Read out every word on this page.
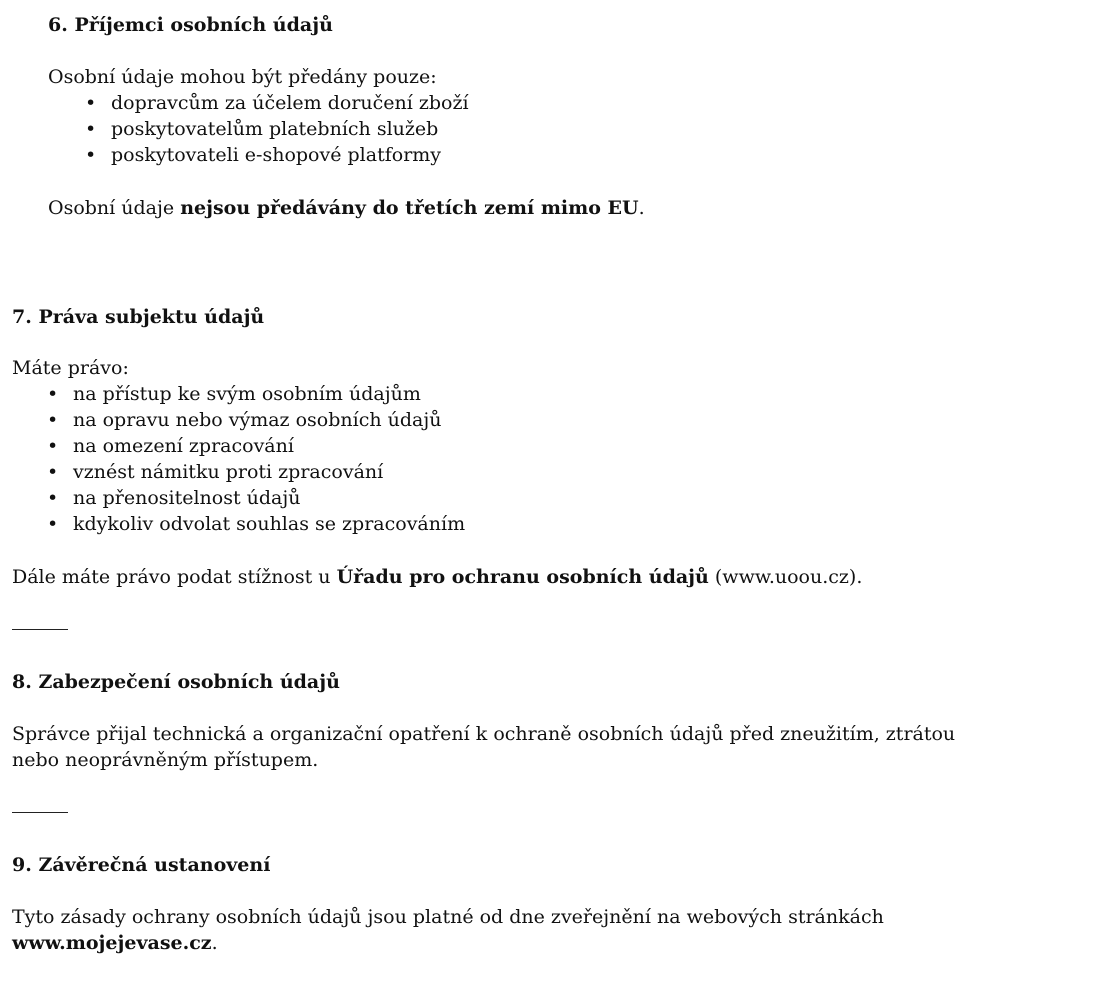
6. Příjemci osobních údajů

Osobní údaje mohou být předány pouze:

• dopravcům za účelem doručení zboží
• poskytovatelům platebních služeb
• poskytovateli e-shopové platformy

Osobní údaje nejsou předávány do třetích zemí mimo EU.

7. Práva subjektu údajů

Máte právo:

• na přístup ke svým osobním údajům
• na opravu nebo výmaz osobních údajů
• na omezení zpracování
• vznést námitku proti zpracování
• na přenositelnost údajů
• kdykoliv odvolat souhlas se zpracováním

Dále máte právo podat stížnost u Úřadu pro ochranu osobních údajů (www.uoou.cz).

8. Zabezpečení osobních údajů

Správce přijal technická a organizační opatření k ochraně osobních údajů před zneužitím, ztrátou nebo neoprávněným přístupem.

9. Závěrečná ustanovení

Tyto zásady ochrany osobních údajů jsou platné od dne zveřejnění na webových stránkách www.mojejevase.cz.
